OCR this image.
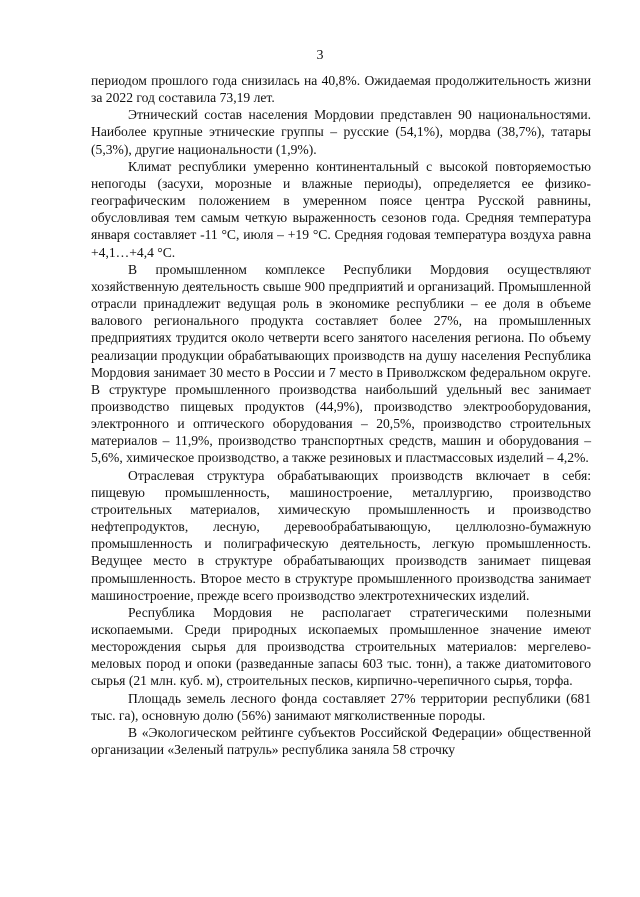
3

периодом прошлого года снизилась на 40,8%. Ожидаемая продолжительность жизни за 2022 год составила 73,19 лет.

Этнический состав населения Мордовии представлен 90 национальностями. Наиболее крупные этнические группы – русские (54,1%), мордва (38,7%), татары (5,3%), другие национальности (1,9%).

Климат республики умеренно континентальный с высокой повторяемостью непогоды (засухи, морозные и влажные периоды), определяется ее физико-географическим положением в умеренном поясе центра Русской равнины, обусловливая тем самым четкую выраженность сезонов года. Средняя температура января составляет -11 °C, июля – +19 °C. Средняя годовая температура воздуха равна +4,1…+4,4 °C.

В промышленном комплексе Республики Мордовия осуществляют хозяйственную деятельность свыше 900 предприятий и организаций. Промышленной отрасли принадлежит ведущая роль в экономике республики – ее доля в объеме валового регионального продукта составляет более 27%, на промышленных предприятиях трудится около четверти всего занятого населения региона. По объему реализации продукции обрабатывающих производств на душу населения Республика Мордовия занимает 30 место в России и 7 место в Приволжском федеральном округе. В структуре промышленного производства наибольший удельный вес занимает производство пищевых продуктов (44,9%), производство электрооборудования, электронного и оптического оборудования – 20,5%, производство строительных материалов – 11,9%, производство транспортных средств, машин и оборудования – 5,6%, химическое производство, а также резиновых и пластмассовых изделий – 4,2%.

Отраслевая структура обрабатывающих производств включает в себя: пищевую промышленность, машиностроение, металлургию, производство строительных материалов, химическую промышленность и производство нефтепродуктов, лесную, деревообрабатывающую, целлюлозно-бумажную промышленность и полиграфическую деятельность, легкую промышленность. Ведущее место в структуре обрабатывающих производств занимает пищевая промышленность. Второе место в структуре промышленного производства занимает машиностроение, прежде всего производство электротехнических изделий.

Республика Мордовия не располагает стратегическими полезными ископаемыми. Среди природных ископаемых промышленное значение имеют месторождения сырья для производства строительных материалов: мергелево-меловых пород и опоки (разведанные запасы 603 тыс. тонн), а также диатомитового сырья (21 млн. куб. м), строительных песков, кирпично-черепичного сырья, торфа.

Площадь земель лесного фонда составляет 27% территории республики (681 тыс. га), основную долю (56%) занимают мягколиственные породы.

В «Экологическом рейтинге субъектов Российской Федерации» общественной организации «Зеленый патруль» республика заняла 58 строчку
